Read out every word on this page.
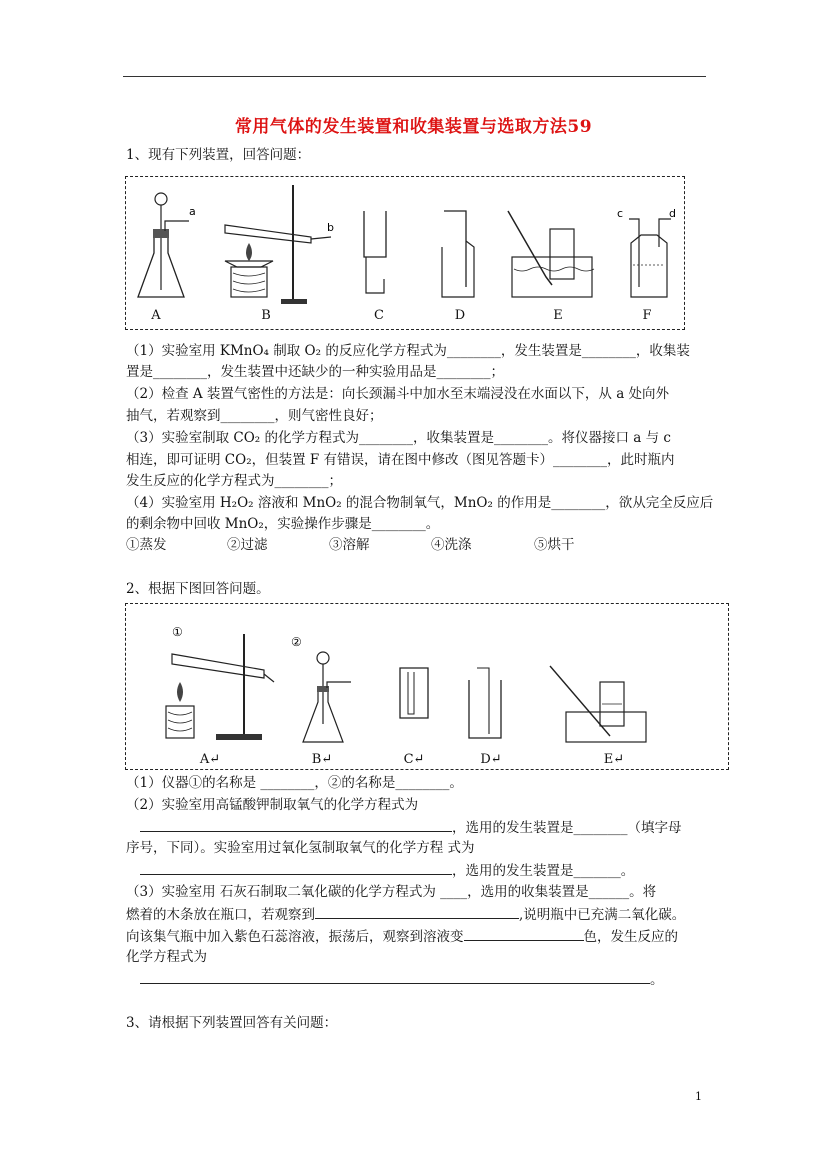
常用气体的发生装置和收集装置与选取方法59
1、现有下列装置，回答问题：
a
b
c	d
A	B	C	D	E	F
（1）实验室用 KMnO₄ 制取 O₂ 的反应化学方程式为________，发生装置是________，收集装
置是________，发生装置中还缺少的一种实验用品是________；
（2）检查 A 装置气密性的方法是：向长颈漏斗中加水至末端浸没在水面以下，从 a 处向外
抽气，若观察到________，则气密性良好；
（3）实验室制取 CO₂ 的化学方程式为________，收集装置是________。将仪器接口 a 与 c
相连，即可证明 CO₂，但装置 F 有错误，请在图中修改（图见答题卡）________，此时瓶内
发生反应的化学方程式为________；
（4）实验室用 H₂O₂ 溶液和 MnO₂ 的混合物制氧气，MnO₂ 的作用是________，欲从完全反应后
的剩余物中回收 MnO₂，实验操作步骤是________。
①蒸发	②过滤	③溶解	④洗涤	⑤烘干
2、根据下图回答问题。
①
②
A↵	B↵	C↵	D↵	E↵
（1）仪器①的名称是 ________，②的名称是________。
（2）实验室用高锰酸钾制取氧气的化学方程式为
，选用的发生装置是________（填字母
序号，下同）。实验室用过氧化氢制取氧气的化学方程 式为
，选用的发生装置是_______。
（3）实验室用 石灰石制取二氧化碳的化学方程式为 ____，选用的收集装置是______。将
燃着的木条放在瓶口，若观察到	,说明瓶中已充满二氧化碳。
向该集气瓶中加入紫色石蕊溶液，振荡后，观察到溶液变	色，发生反应的
化学方程式为
。
3、请根据下列装置回答有关问题：
1
